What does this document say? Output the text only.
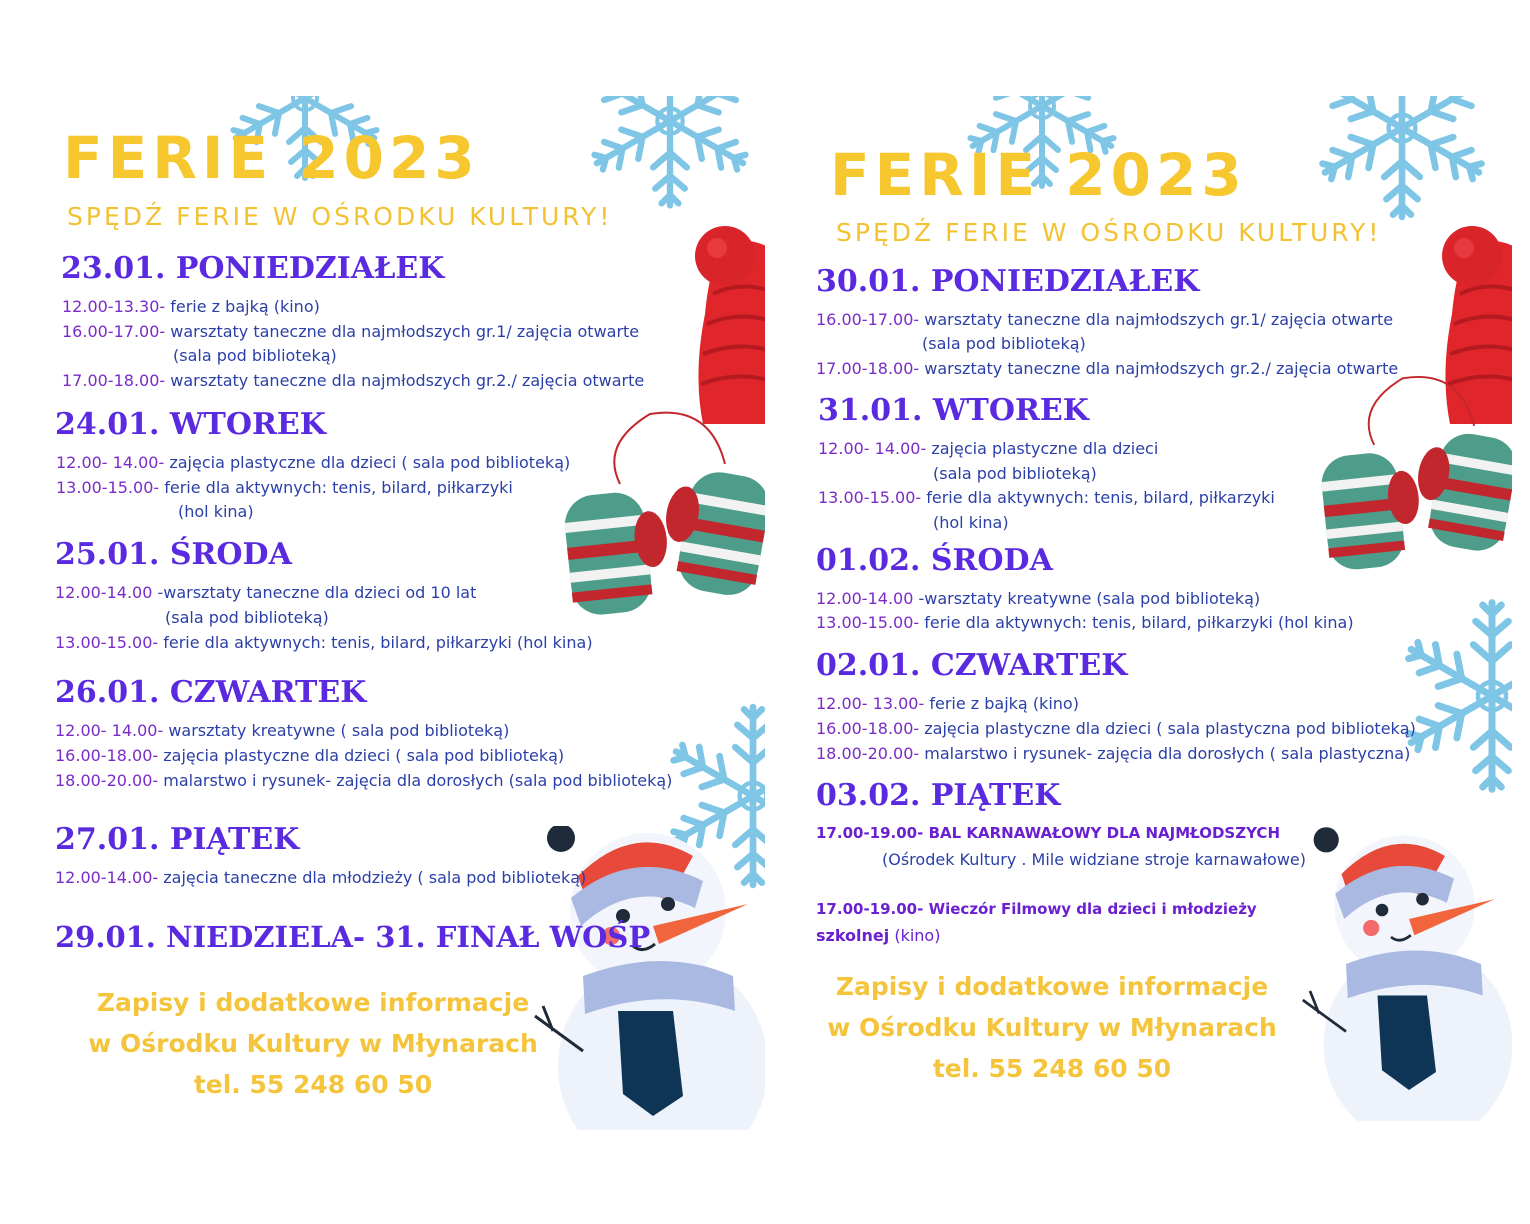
FERIE 2023
SPĘDŹ FERIE W OŚRODKU KULTURY!
23.01. PONIEDZIAŁEK
12.00-13.30- ferie z bajką (kino)
16.00-17.00- warsztaty taneczne dla najmłodszych gr.1/ zajęcia otwarte
(sala pod biblioteką)
17.00-18.00- warsztaty taneczne dla najmłodszych gr.2./ zajęcia otwarte
24.01. WTOREK
12.00- 14.00- zajęcia plastyczne dla dzieci ( sala pod biblioteką)
13.00-15.00- ferie dla aktywnych: tenis, bilard, piłkarzyki
(hol kina)
25.01. ŚRODA
12.00-14.00 -warsztaty taneczne dla dzieci od 10 lat
(sala pod biblioteką)
13.00-15.00- ferie dla aktywnych: tenis, bilard, piłkarzyki (hol kina)
26.01. CZWARTEK
12.00- 14.00- warsztaty kreatywne ( sala pod biblioteką)
16.00-18.00- zajęcia plastyczne dla dzieci ( sala pod biblioteką)
18.00-20.00- malarstwo i rysunek- zajęcia dla dorosłych (sala pod biblioteką)
27.01. PIĄTEK
12.00-14.00- zajęcia taneczne dla młodzieży ( sala pod biblioteką)
29.01. NIEDZIELA- 31. FINAŁ WOŚP
Zapisy i dodatkowe informacje
w Ośrodku Kultury w Młynarach
tel. 55 248 60 50
FERIE 2023
SPĘDŹ FERIE W OŚRODKU KULTURY!
30.01. PONIEDZIAŁEK
16.00-17.00- warsztaty taneczne dla najmłodszych gr.1/ zajęcia otwarte
(sala pod biblioteką)
17.00-18.00- warsztaty taneczne dla najmłodszych gr.2./ zajęcia otwarte
31.01. WTOREK
12.00- 14.00- zajęcia plastyczne dla dzieci
(sala pod biblioteką)
13.00-15.00- ferie dla aktywnych: tenis, bilard, piłkarzyki
(hol kina)
01.02. ŚRODA
12.00-14.00 -warsztaty kreatywne (sala pod biblioteką)
13.00-15.00- ferie dla aktywnych: tenis, bilard, piłkarzyki (hol kina)
02.01. CZWARTEK
12.00- 13.00- ferie z bajką (kino)
16.00-18.00- zajęcia plastyczne dla dzieci ( sala plastyczna pod biblioteką)
18.00-20.00- malarstwo i rysunek- zajęcia dla dorosłych ( sala plastyczna)
03.02. PIĄTEK
17.00-19.00- BAL KARNAWAŁOWY DLA NAJMŁODSZYCH
(Ośrodek Kultury . Mile widziane stroje karnawałowe)
17.00-19.00- Wieczór Filmowy dla dzieci i młodzieży
szkolnej (kino)
Zapisy i dodatkowe informacje
w Ośrodku Kultury w Młynarach
tel. 55 248 60 50
